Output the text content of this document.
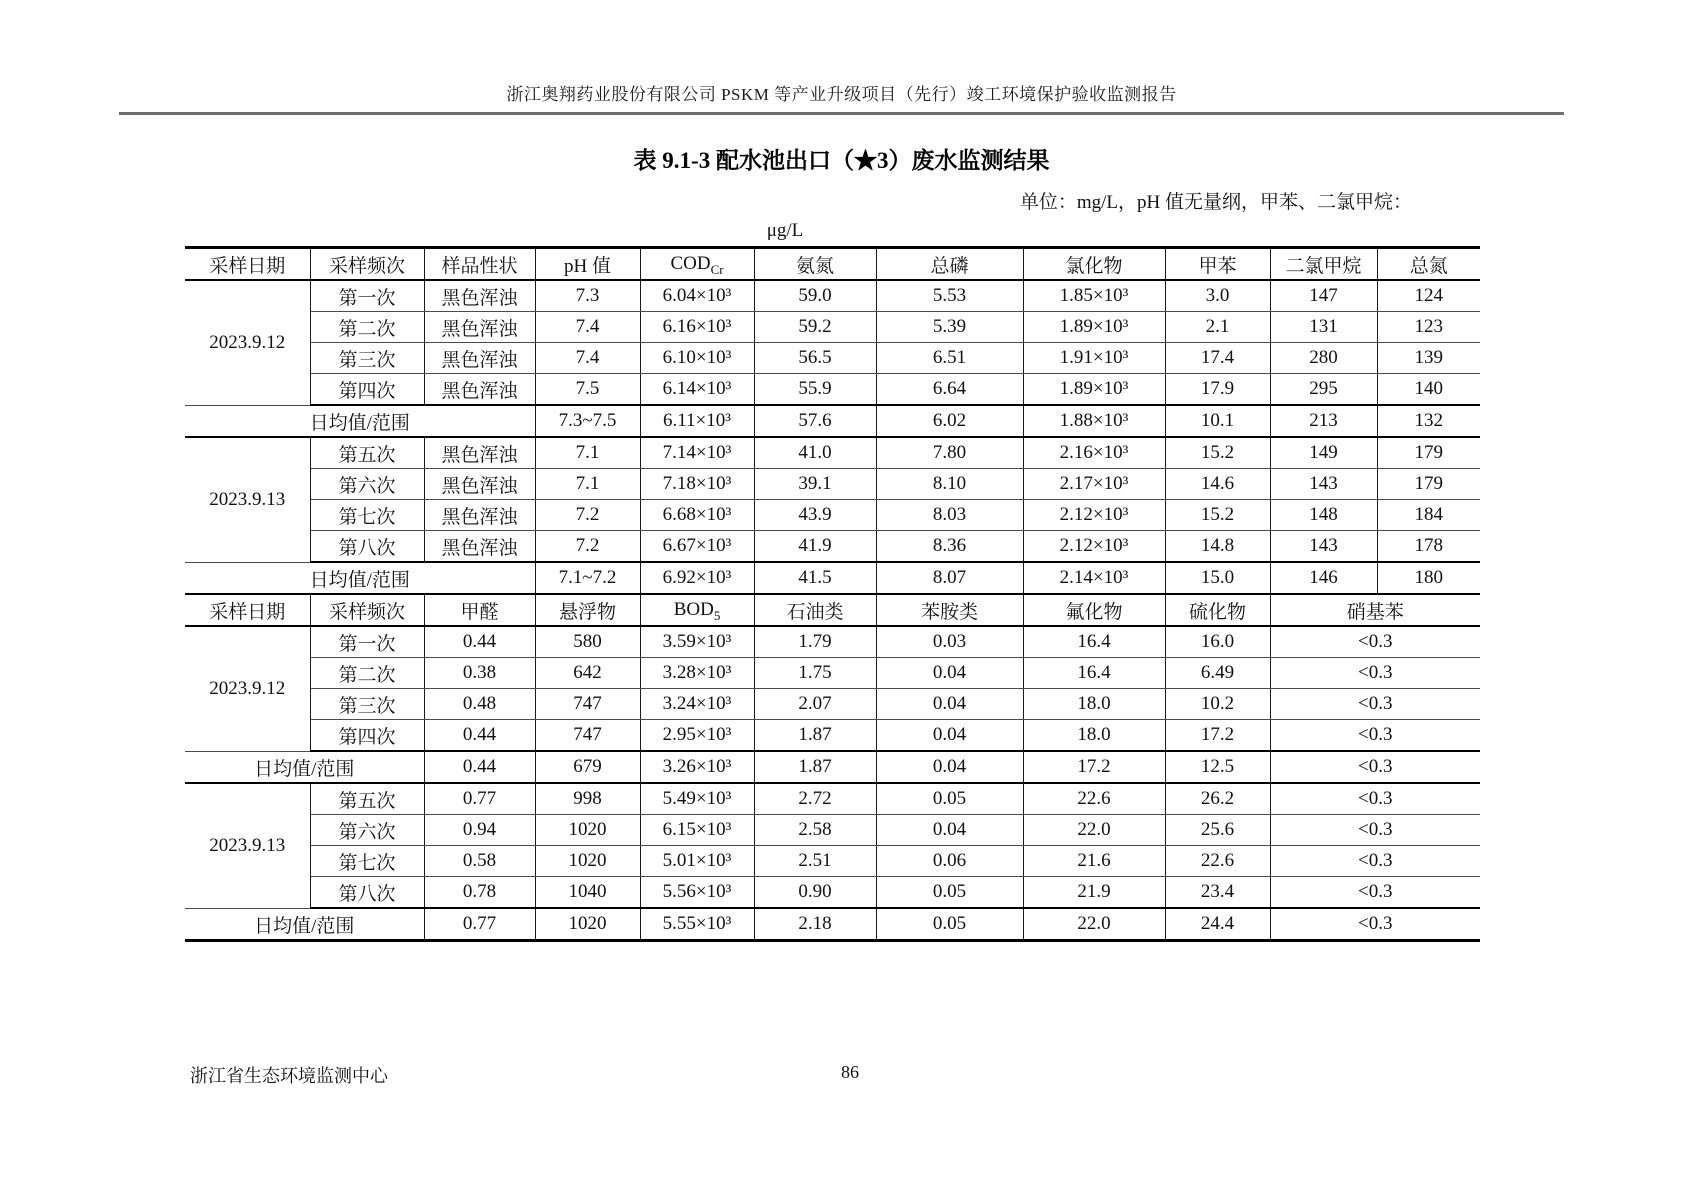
浙江奥翔药业股份有限公司 PSKM 等产业升级项目（先行）竣工环境保护验收监测报告
表 9.1-3 配水池出口（★3）废水监测结果
单位：mg/L，pH 值无量纲，甲苯、二氯甲烷：
μg/L
采样日期	采样频次	样品性状	pH 值	$COD_{Cr}$	氨氮	总磷	氯化物	甲苯	二氯甲烷	总氮
2023.9.12	第一次	黑色浑浊	7.3	6.04×10³	59.0	5.53	1.85×10³	3.0	147	124
	第二次	黑色浑浊	7.4	6.16×10³	59.2	5.39	1.89×10³	2.1	131	123
	第三次	黑色浑浊	7.4	6.10×10³	56.5	6.51	1.91×10³	17.4	280	139
	第四次	黑色浑浊	7.5	6.14×10³	55.9	6.64	1.89×10³	17.9	295	140
日均值/范围			7.3~7.5	6.11×10³	57.6	6.02	1.88×10³	10.1	213	132
2023.9.13	第五次	黑色浑浊	7.1	7.14×10³	41.0	7.80	2.16×10³	15.2	149	179
	第六次	黑色浑浊	7.1	7.18×10³	39.1	8.10	2.17×10³	14.6	143	179
	第七次	黑色浑浊	7.2	6.68×10³	43.9	8.03	2.12×10³	15.2	148	184
	第八次	黑色浑浊	7.2	6.67×10³	41.9	8.36	2.12×10³	14.8	143	178
日均值/范围			7.1~7.2	6.92×10³	41.5	8.07	2.14×10³	15.0	146	180
采样日期	采样频次	甲醛	悬浮物	$BOD_5$	石油类	苯胺类	氟化物	硫化物	硝基苯	
2023.9.12	第一次	0.44	580	3.59×10³	1.79	0.03	16.4	16.0	<0.3	
	第二次	0.38	642	3.28×10³	1.75	0.04	16.4	6.49	<0.3	
	第三次	0.48	747	3.24×10³	2.07	0.04	18.0	10.2	<0.3	
	第四次	0.44	747	2.95×10³	1.87	0.04	18.0	17.2	<0.3	
日均值/范围		0.44	679	3.26×10³	1.87	0.04	17.2	12.5	<0.3	
2023.9.13	第五次	0.77	998	5.49×10³	2.72	0.05	22.6	26.2	<0.3	
	第六次	0.94	1020	6.15×10³	2.58	0.04	22.0	25.6	<0.3	
	第七次	0.58	1020	5.01×10³	2.51	0.06	21.6	22.6	<0.3	
	第八次	0.78	1040	5.56×10³	0.90	0.05	21.9	23.4	<0.3	
日均值/范围		0.77	1020	5.55×10³	2.18	0.05	22.0	24.4	<0.3	
86
浙江省生态环境监测中心
